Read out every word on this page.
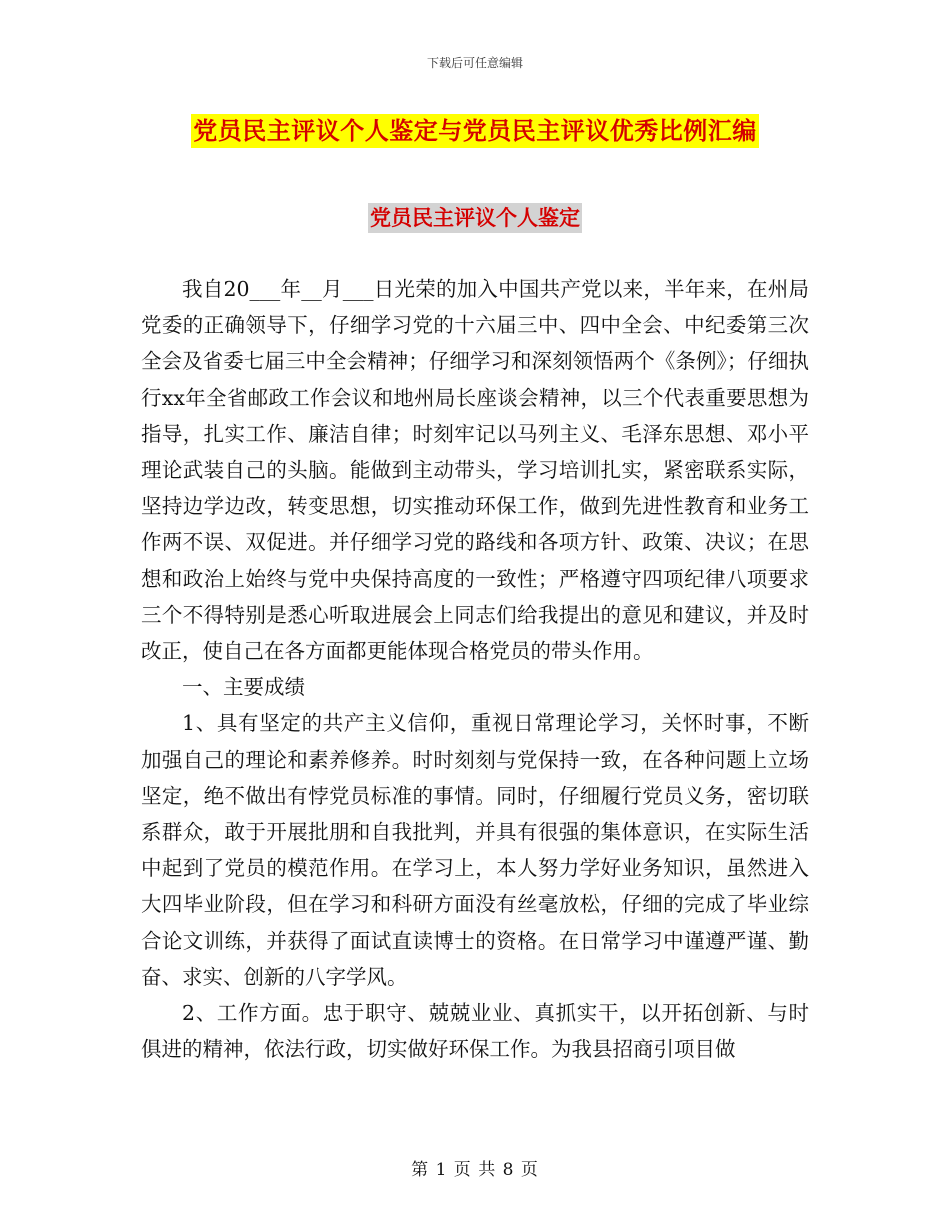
下载后可任意编辑
党员民主评议个人鉴定与党员民主评议优秀比例汇编
党员民主评议个人鉴定

我自20___年__月___日光荣的加入中国共产党以来，半年来，在州局党委的正确领导下，仔细学习党的十六届三中、四中全会、中纪委第三次全会及省委七届三中全会精神；仔细学习和深刻领悟两个《条例》；仔细执行xx年全省邮政工作会议和地州局长座谈会精神，以三个代表重要思想为指导，扎实工作、廉洁自律；时刻牢记以马列主义、毛泽东思想、邓小平理论武装自己的头脑。能做到主动带头，学习培训扎实，紧密联系实际，坚持边学边改，转变思想，切实推动环保工作，做到先进性教育和业务工作两不误、双促进。并仔细学习党的路线和各项方针、政策、决议；在思想和政治上始终与党中央保持高度的一致性；严格遵守四项纪律八项要求三个不得特别是悉心听取进展会上同志们给我提出的意见和建议，并及时改正，使自己在各方面都更能体现合格党员的带头作用。

一、主要成绩

1、具有坚定的共产主义信仰，重视日常理论学习，关怀时事，不断加强自己的理论和素养修养。时时刻刻与党保持一致，在各种问题上立场坚定，绝不做出有悖党员标准的事情。同时，仔细履行党员义务，密切联系群众，敢于开展批朋和自我批判，并具有很强的集体意识，在实际生活中起到了党员的模范作用。在学习上，本人努力学好业务知识，虽然进入大四毕业阶段，但在学习和科研方面没有丝毫放松，仔细的完成了毕业综合论文训练，并获得了面试直读博士的资格。在日常学习中谨遵严谨、勤奋、求实、创新的八字学风。

2、工作方面。忠于职守、兢兢业业、真抓实干，以开拓创新、与时俱进的精神，依法行政，切实做好环保工作。为我县招商引项目做

第 1 页 共 8 页
